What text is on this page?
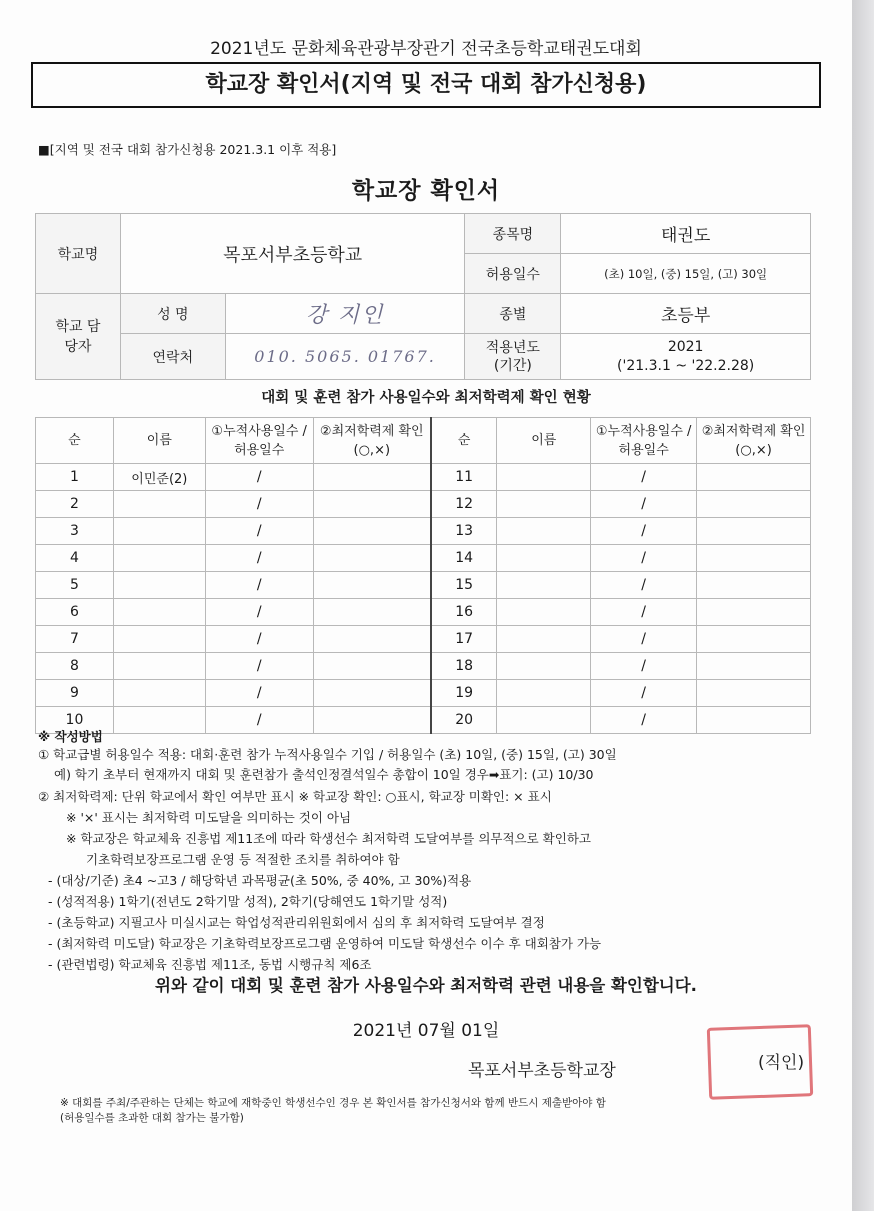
2021년도 문화체육관광부장관기 전국초등학교태권도대회
학교장 확인서(지역 및 전국 대회 참가신청용)
■[지역 및 전국 대회 참가신청용 2021.3.1 이후 적용]
학교장 확인서
학교명	목포서부초등학교		종목명	태권도
			허용일수	(초) 10일, (중) 15일, (고) 30일
학교 담당자	성 명	강 지인	종별	초등부
	연락처	010. 5065. 01767.	적용년도 (기간)	2021
('21.3.1 ~ '22.2.28)
대회 및 훈련 참가 사용일수와 최저학력제 확인 현황
순	이름	①누적사용일수 /허용일수	②최저학력제 확인(○,×)	순	이름	①누적사용일수 /허용일수	②최저학력제 확인(○,×)
1	이민준(2)	/		11		/	
2		/		12		/	
3		/		13		/	
4		/		14		/	
5		/		15		/	
6		/		16		/	
7		/		17		/	
8		/		18		/	
9		/		19		/	
10		/		20		/	
※ 작성방법
① 학교급별 허용일수 적용: 대회·훈련 참가 누적사용일수 기입 / 허용일수 (초) 10일, (중) 15일, (고) 30일
예) 학기 초부터 현재까지 대회 및 훈련참가 출석인정결석일수 총합이 10일 경우➡표기: (고) 10/30
② 최저학력제: 단위 학교에서 확인 여부만 표시 ※ 학교장 확인: ○표시, 학교장 미확인: × 표시
※ '×' 표시는 최저학력 미도달을 의미하는 것이 아님
※ 학교장은 학교체육 진흥법 제11조에 따라 학생선수 최저학력 도달여부를 의무적으로 확인하고
기초학력보장프로그램 운영 등 적절한 조치를 취하여야 함
- (대상/기준) 초4 ~고3 / 해당학년 과목평균(초 50%, 중 40%, 고 30%)적용
- (성적적용) 1학기(전년도 2학기말 성적), 2학기(당해연도 1학기말 성적)
- (초등학교) 지필고사 미실시교는 학업성적관리위원회에서 심의 후 최저학력 도달여부 결정
- (최저학력 미도달) 학교장은 기초학력보장프로그램 운영하여 미도달 학생선수 이수 후 대회참가 가능
- (관련법령) 학교체육 진흥법 제11조, 동법 시행규칙 제6조
위와 같이 대회 및 훈련 참가 사용일수와 최저학력 관련 내용을 확인합니다.
2021년 07월 01일
목포서부초등학교장	(직인)
※ 대회를 주최/주관하는 단체는 학교에 재학중인 학생선수인 경우 본 확인서를 참가신청서와 함께 반드시 제출받아야 함
(허용일수를 초과한 대회 참가는 불가함)
